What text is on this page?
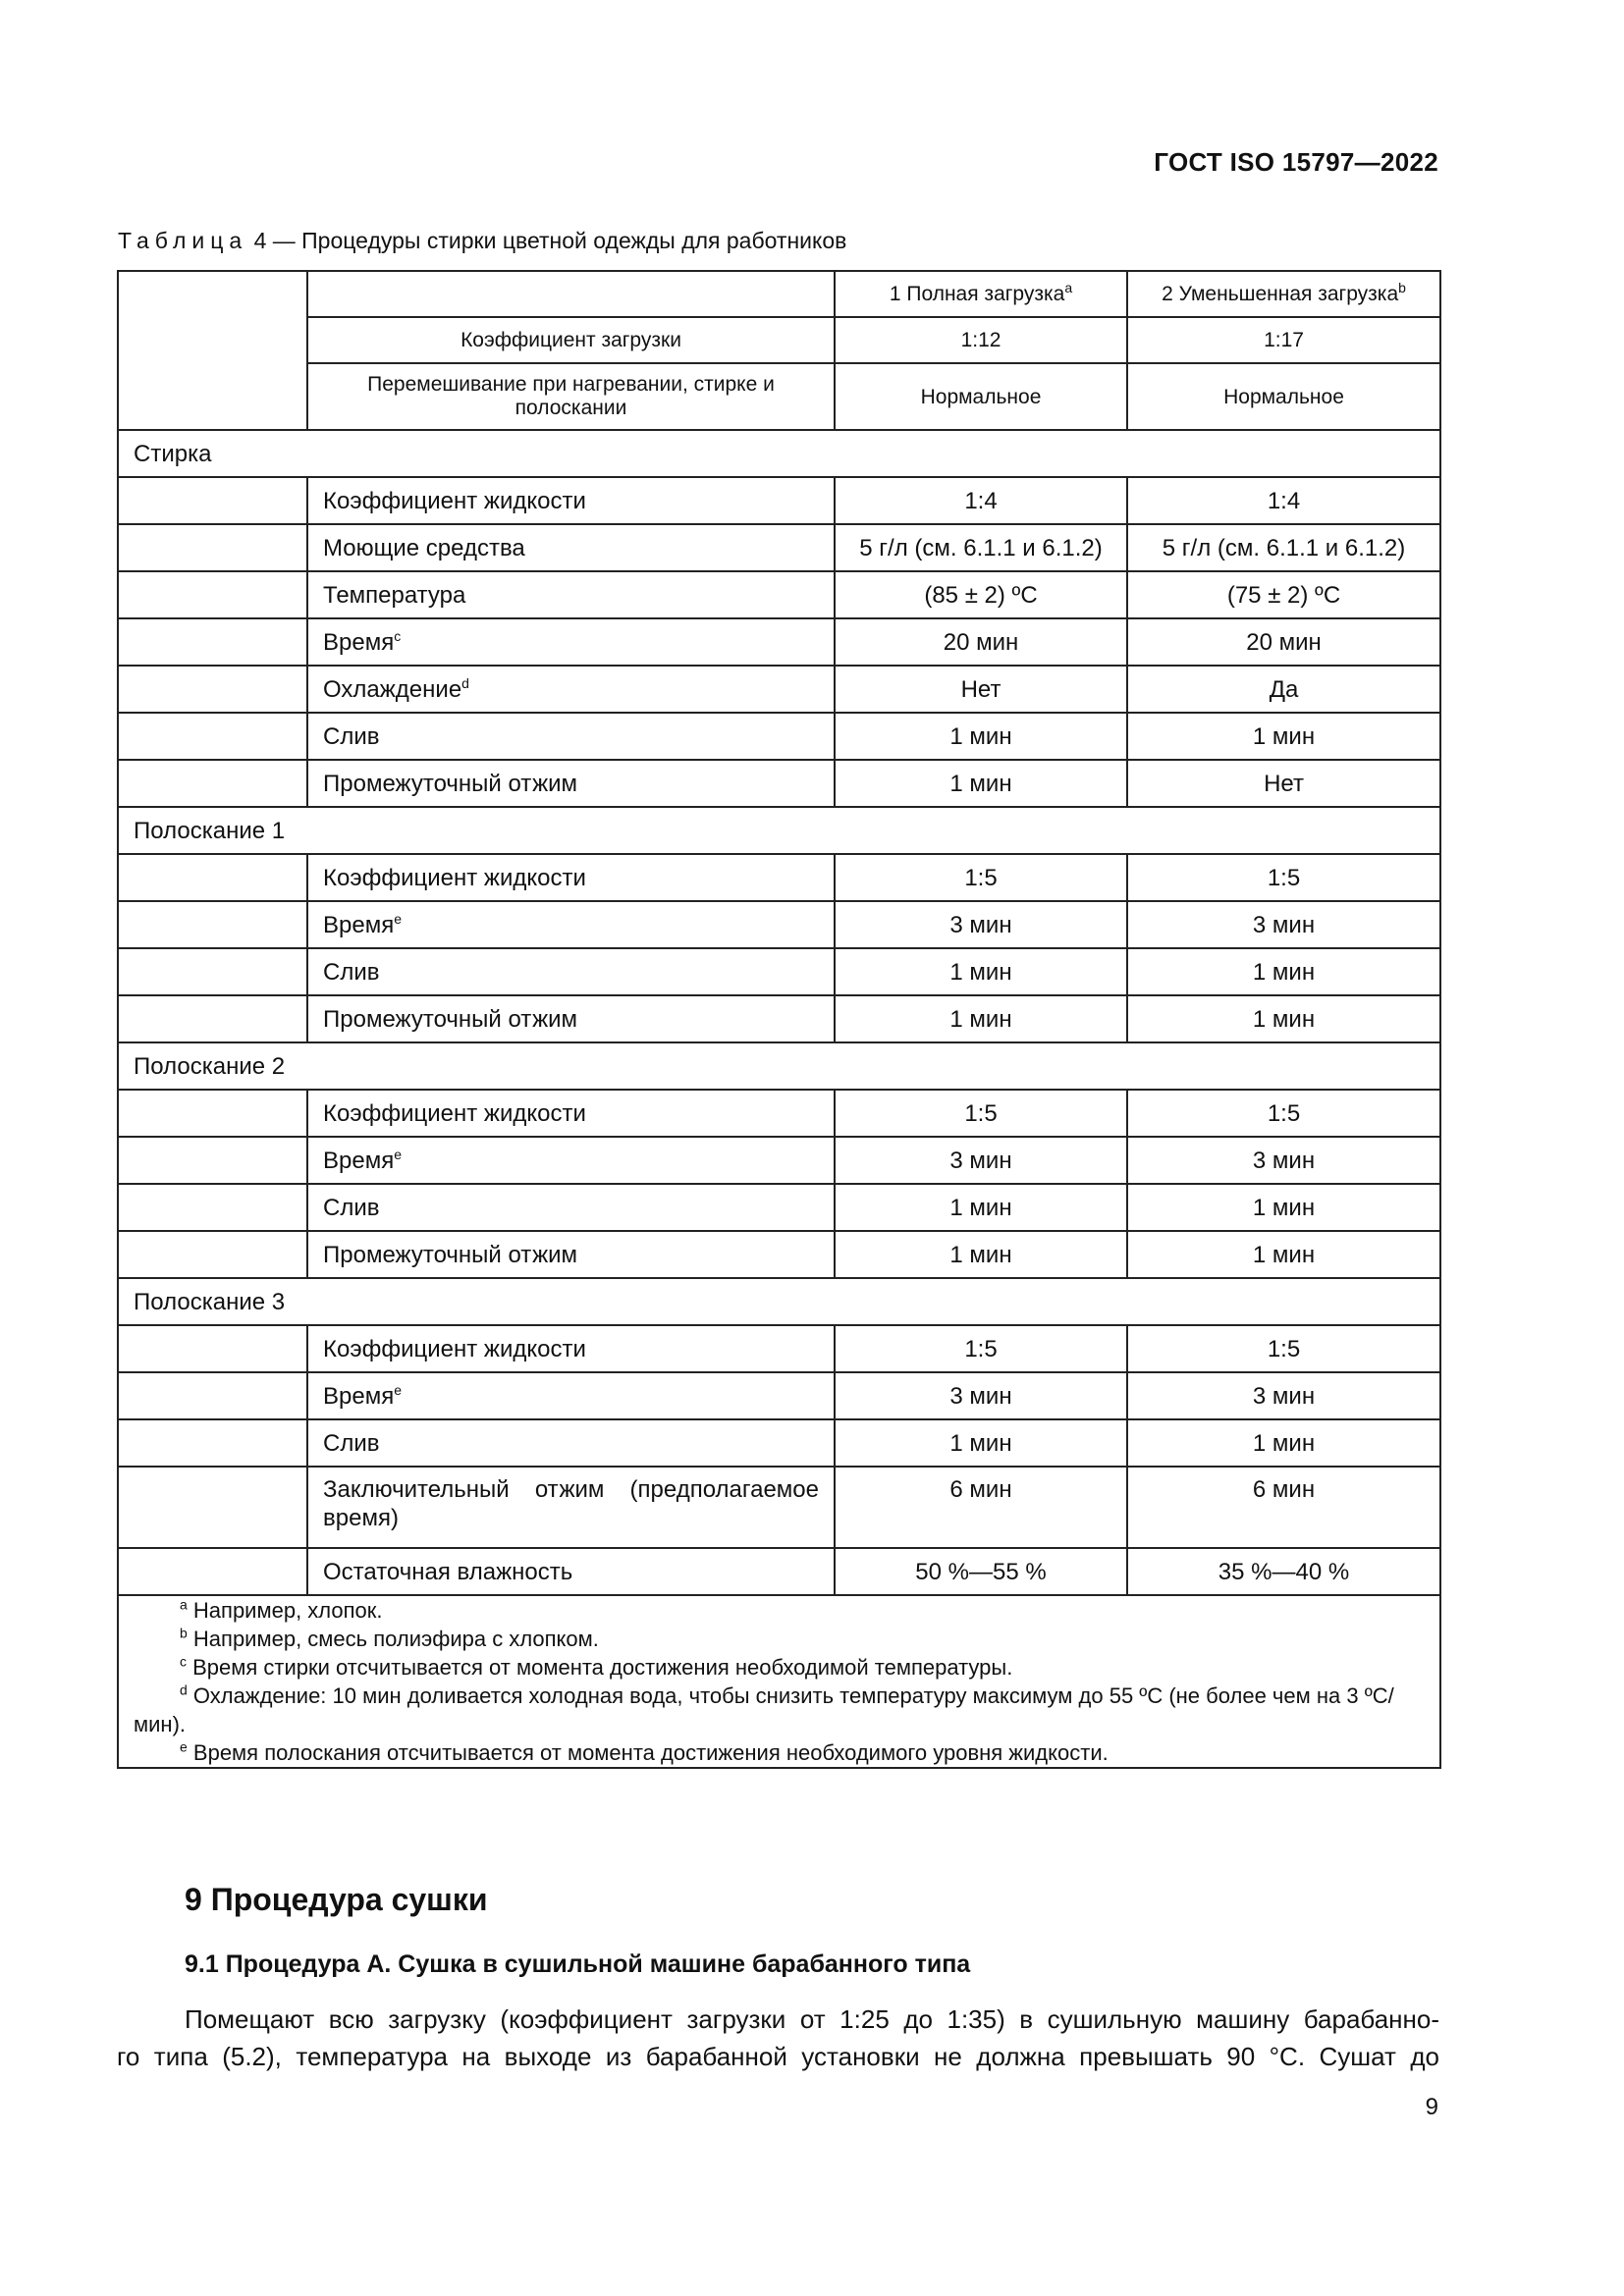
ГОСТ ISO 15797—2022
Таблица 4 — Процедуры стирки цветной одежды для работников
		1 Полная загрузка$^a$	2 Уменьшенная загрузка$^b$
	Коэффициент загрузки	1:12	1:17
	Перемешивание при нагревании, стирке и полоскании	Нормальное	Нормальное
Стирка			
	Коэффициент жидкости	1:4	1:4
	Моющие средства	5 г/л (см. 6.1.1 и 6.1.2)	5 г/л (см. 6.1.1 и 6.1.2)
	Температура	(85 ± 2) ºС	(75 ± 2) ºС
	Время$^c$	20 мин	20 мин
	Охлаждение$^d$	Нет	Да
	Слив	1 мин	1 мин
	Промежуточный отжим	1 мин	Нет
Полоскание 1			
	Коэффициент жидкости	1:5	1:5
	Время$^e$	3 мин	3 мин
	Слив	1 мин	1 мин
	Промежуточный отжим	1 мин	1 мин
Полоскание 2			
	Коэффициент жидкости	1:5	1:5
	Время$^e$	3 мин	3 мин
	Слив	1 мин	1 мин
	Промежуточный отжим	1 мин	1 мин
Полоскание 3			
	Коэффициент жидкости	1:5	1:5
	Время$^e$	3 мин	3 мин
	Слив	1 мин	1 мин
	Заключительный отжим (предполагаемое время)	6 мин	6 мин
	Остаточная влажность	50 %—55 %	35 %—40 %

$^a$ Например, хлопок.
$^b$ Например, смесь полиэфира с хлопком.
$^c$ Время стирки отсчитывается от момента достижения необходимой температуры.
$^d$ Охлаждение: 10 мин доливается холодная вода, чтобы снизить температуру максимум до 55 ºС (не более чем на 3 ºС/мин).
$^e$ Время полоскания отсчитывается от момента достижения необходимого уровня жидкости.			
9 Процедура сушки
9.1 Процедура А. Сушка в сушильной машине барабанного типа
Помещают всю загрузку (коэффициент загрузки от 1:25 до 1:35) в сушильную машину барабанно-
го типа (5.2), температура на выходе из барабанной установки не должна превышать 90 °С. Сушат до
9
